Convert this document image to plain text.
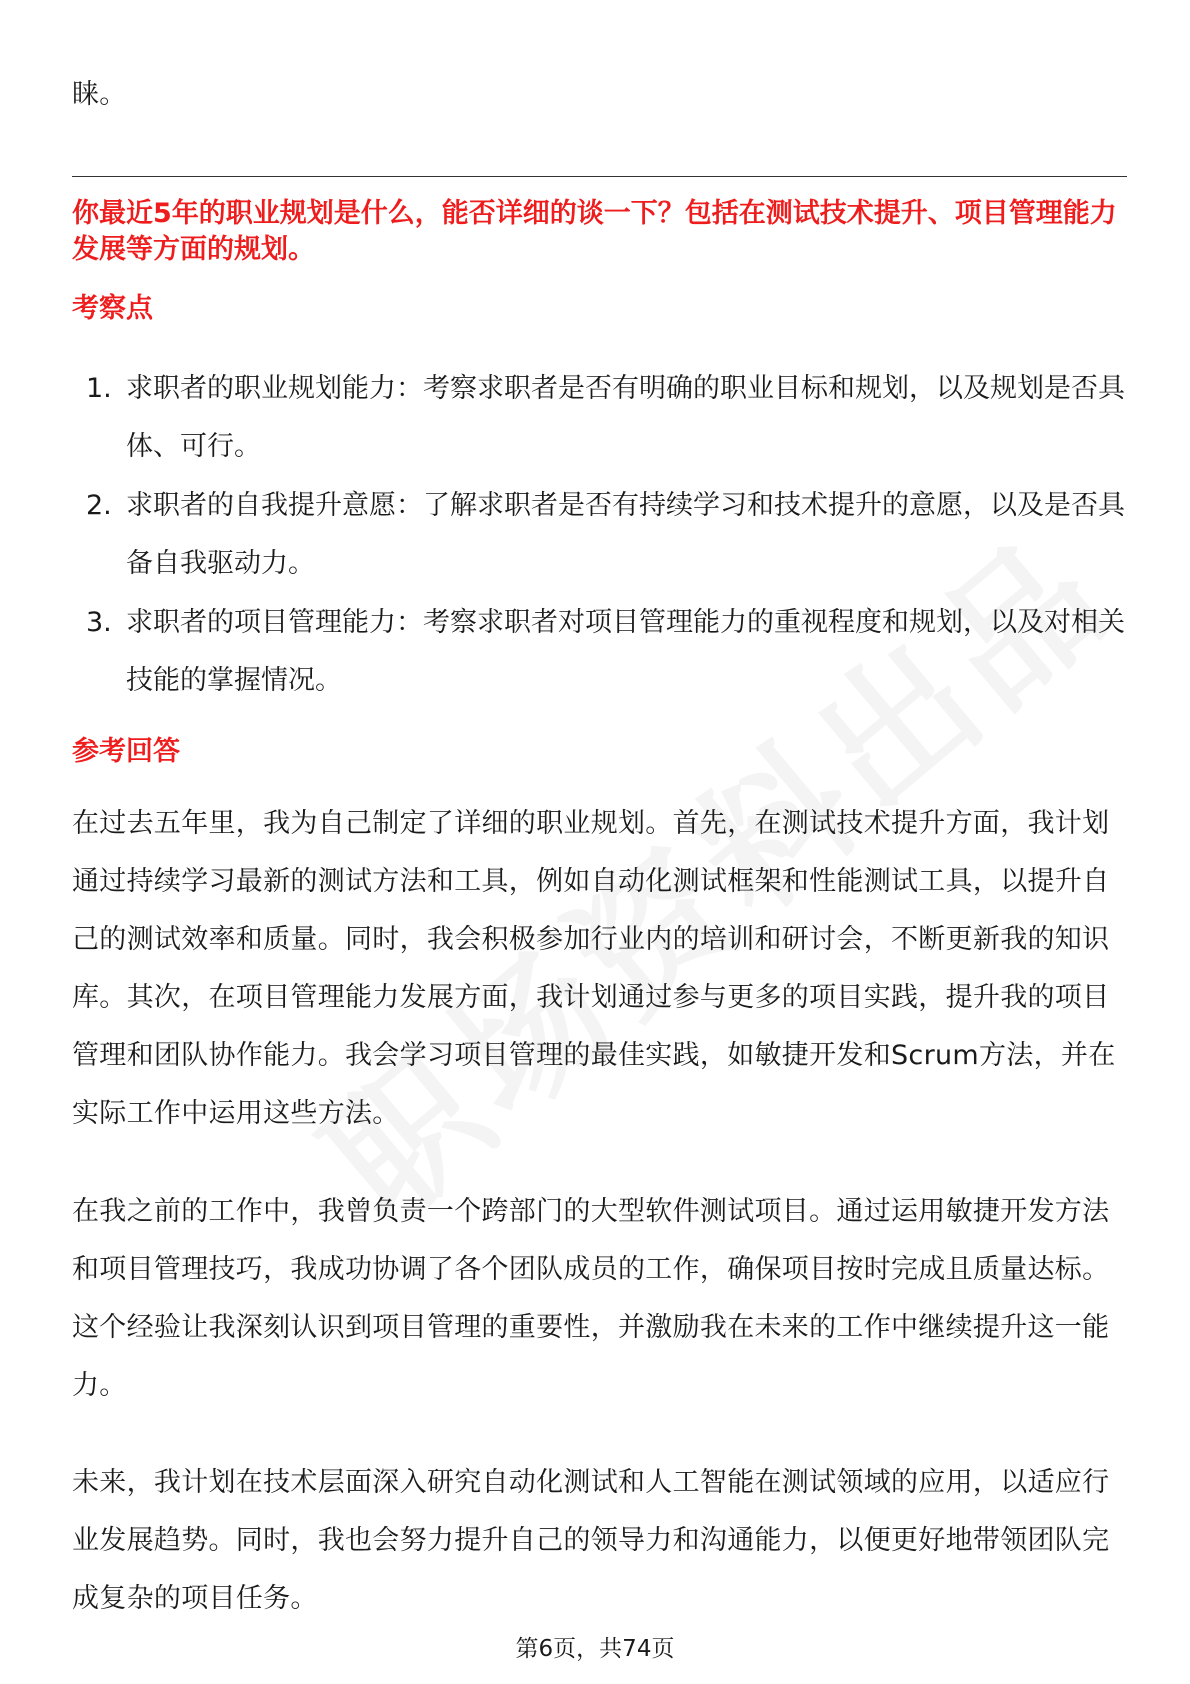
睐。
你最近5年的职业规划是什么，能否详细的谈一下？包括在测试技术提升、项目管理能力发展等方面的规划。
考察点
1. 求职者的职业规划能力：考察求职者是否有明确的职业目标和规划，以及规划是否具体、可行。
2. 求职者的自我提升意愿：了解求职者是否有持续学习和技术提升的意愿，以及是否具备自我驱动力。
3. 求职者的项目管理能力：考察求职者对项目管理能力的重视程度和规划，以及对相关技能的掌握情况。
参考回答
在过去五年里，我为自己制定了详细的职业规划。首先，在测试技术提升方面，我计划通过持续学习最新的测试方法和工具，例如自动化测试框架和性能测试工具，以提升自己的测试效率和质量。同时，我会积极参加行业内的培训和研讨会，不断更新我的知识库。其次，在项目管理能力发展方面，我计划通过参与更多的项目实践，提升我的项目管理和团队协作能力。我会学习项目管理的最佳实践，如敏捷开发和Scrum方法，并在实际工作中运用这些方法。
在我之前的工作中，我曾负责一个跨部门的大型软件测试项目。通过运用敏捷开发方法和项目管理技巧，我成功协调了各个团队成员的工作，确保项目按时完成且质量达标。这个经验让我深刻认识到项目管理的重要性，并激励我在未来的工作中继续提升这一能力。
未来，我计划在技术层面深入研究自动化测试和人工智能在测试领域的应用，以适应行业发展趋势。同时，我也会努力提升自己的领导力和沟通能力，以便更好地带领团队完成复杂的项目任务。
第6页，共74页
